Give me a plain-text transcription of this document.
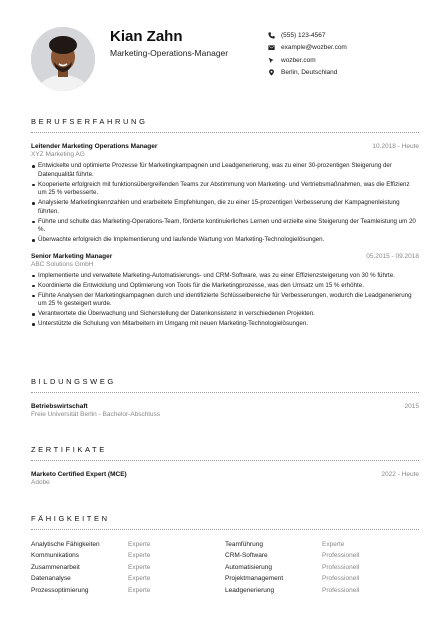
Kian Zahn
Marketing-Operations-Manager
(555) 123-4567
example@wozber.com
wozber.com
Berlin, Deutschland
BERUFSERFAHRUNG
Leitender Marketing Operations Manager	10.2018 - Heute
XYZ Marketing AG
Entwickelte und optimierte Prozesse für Marketingkampagnen und Leadgenerierung, was zu einer 30-prozentigen Steigerung der Datenqualität führte.
Kooperierte erfolgreich mit funktionsübergreifenden Teams zur Abstimmung von Marketing- und Vertriebsmaßnahmen, was die Effizienz um 25 % verbesserte.
Analysierte Marketingkennzahlen und erarbeitete Empfehlungen, die zu einer 15-prozentigen Verbesserung der Kampagnenleistung führten.
Führte und schulte das Marketing-Operations-Team, förderte kontinuierliches Lernen und erzielte eine Steigerung der Teamleistung um 20 %.
Überwachte erfolgreich die Implementierung und laufende Wartung von Marketing-Technologielösungen.
Senior Marketing Manager	05.2015 - 09.2018
ABC Solutions GmbH
Implementierte und verwaltete Marketing-Automatisierungs- und CRM-Software, was zu einer Effizienzsteigerung von 30 % führte.
Koordinierte die Entwicklung und Optimierung von Tools für die Marketingprozesse, was den Umsatz um 15 % erhöhte.
Führte Analysen der Marketingkampagnen durch und identifizierte Schlüsselbereiche für Verbesserungen, wodurch die Leadgenerierung um 25 % gesteigert wurde.
Verantwortete die Überwachung und Sicherstellung der Datenkonsistenz in verschiedenen Projekten.
Unterstützte die Schulung von Mitarbeitern im Umgang mit neuen Marketing-Technologielösungen.
BILDUNGSWEG
Betriebswirtschaft	2015
Freie Universität Berlin - Bachelor-Abschluss
ZERTIFIKATE
Marketo Certified Expert (MCE)	2022 - Heute
Adobe
FÄHIGKEITEN
Analytische Fähigkeiten	Experte	Teamführung	Experte
Kommunikations	Experte	CRM-Software	Professionell
Zusammenarbeit	Experte	Automatisierung	Professionell
Datenanalyse	Experte	Projektmanagement	Professionell
Prozessoptimierung	Experte	Leadgenerierung	Professionell
